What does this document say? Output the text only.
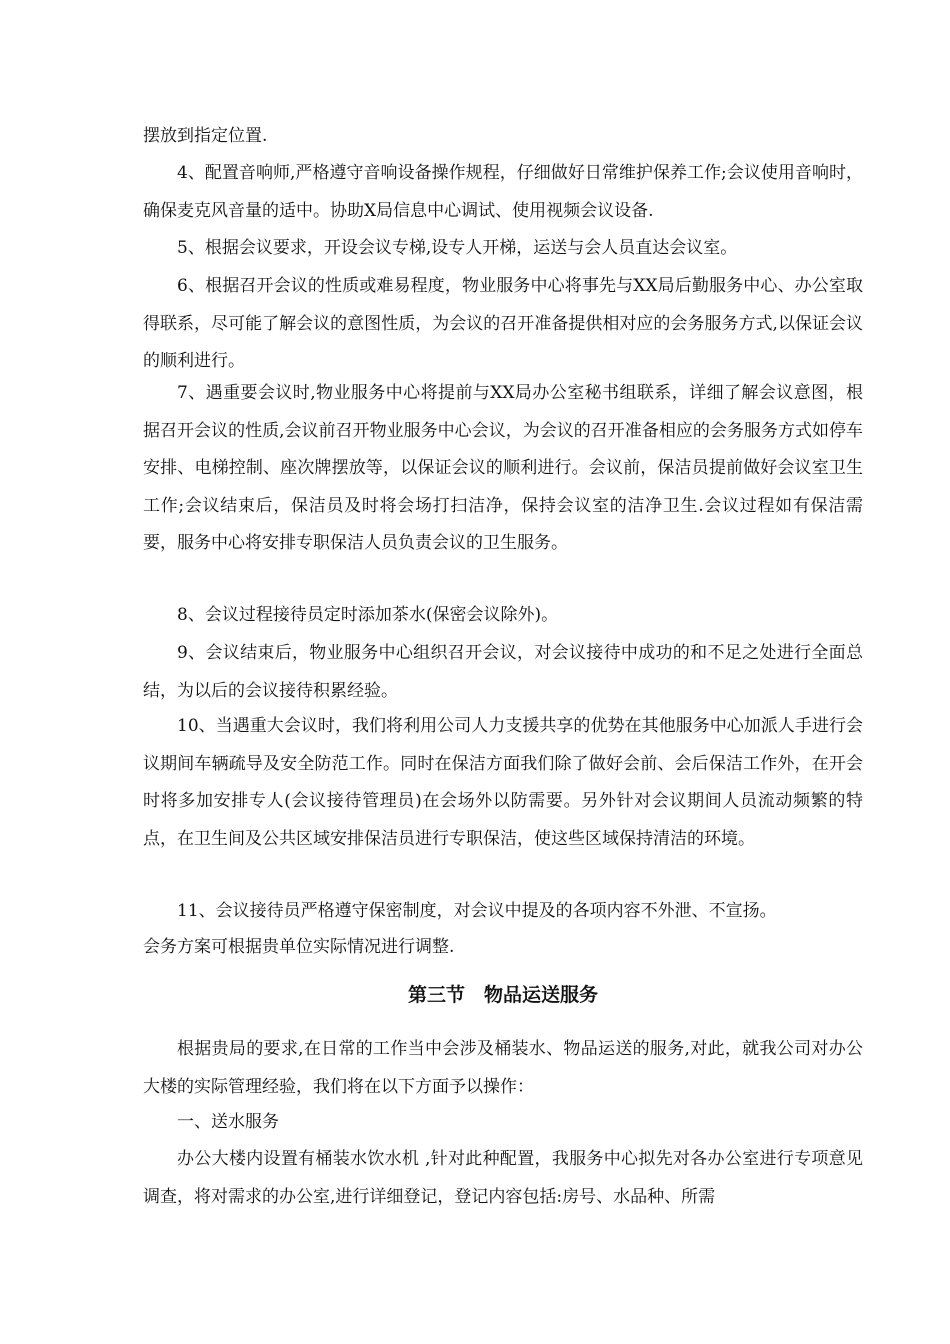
摆放到指定位置.

4、配置音响师,严格遵守音响设备操作规程，仔细做好日常维护保养工作;会议使用音响时，确保麦克风音量的适中。协助X局信息中心调试、使用视频会议设备.

5、根据会议要求，开设会议专梯,设专人开梯，运送与会人员直达会议室。

6、根据召开会议的性质或难易程度，物业服务中心将事先与XX局后勤服务中心、办公室取得联系，尽可能了解会议的意图性质，为会议的召开准备提供相对应的会务服务方式,以保证会议的顺利进行。

7、遇重要会议时,物业服务中心将提前与XX局办公室秘书组联系，详细了解会议意图，根据召开会议的性质,会议前召开物业服务中心会议，为会议的召开准备相应的会务服务方式如停车安排、电梯控制、座次牌摆放等，以保证会议的顺利进行。会议前，保洁员提前做好会议室卫生工作;会议结束后，保洁员及时将会场打扫洁净，保持会议室的洁净卫生.会议过程如有保洁需要，服务中心将安排专职保洁人员负责会议的卫生服务。

8、会议过程接待员定时添加茶水(保密会议除外)。

9、会议结束后，物业服务中心组织召开会议，对会议接待中成功的和不足之处进行全面总结，为以后的会议接待积累经验。

10、当遇重大会议时，我们将利用公司人力支援共享的优势在其他服务中心加派人手进行会议期间车辆疏导及安全防范工作。同时在保洁方面我们除了做好会前、会后保洁工作外，在开会时将多加安排专人(会议接待管理员)在会场外以防需要。另外针对会议期间人员流动频繁的特点，在卫生间及公共区域安排保洁员进行专职保洁，使这些区域保持清洁的环境。

11、会议接待员严格遵守保密制度，对会议中提及的各项内容不外泄、不宣扬。

会务方案可根据贵单位实际情况进行调整.

第三节　物品运送服务

根据贵局的要求,在日常的工作当中会涉及桶装水、物品运送的服务,对此，就我公司对办公大楼的实际管理经验，我们将在以下方面予以操作：

一、送水服务

办公大楼内设置有桶装水饮水机 ,针对此种配置，我服务中心拟先对各办公室进行专项意见调查，将对需求的办公室,进行详细登记，登记内容包括:房号、水品种、所需
